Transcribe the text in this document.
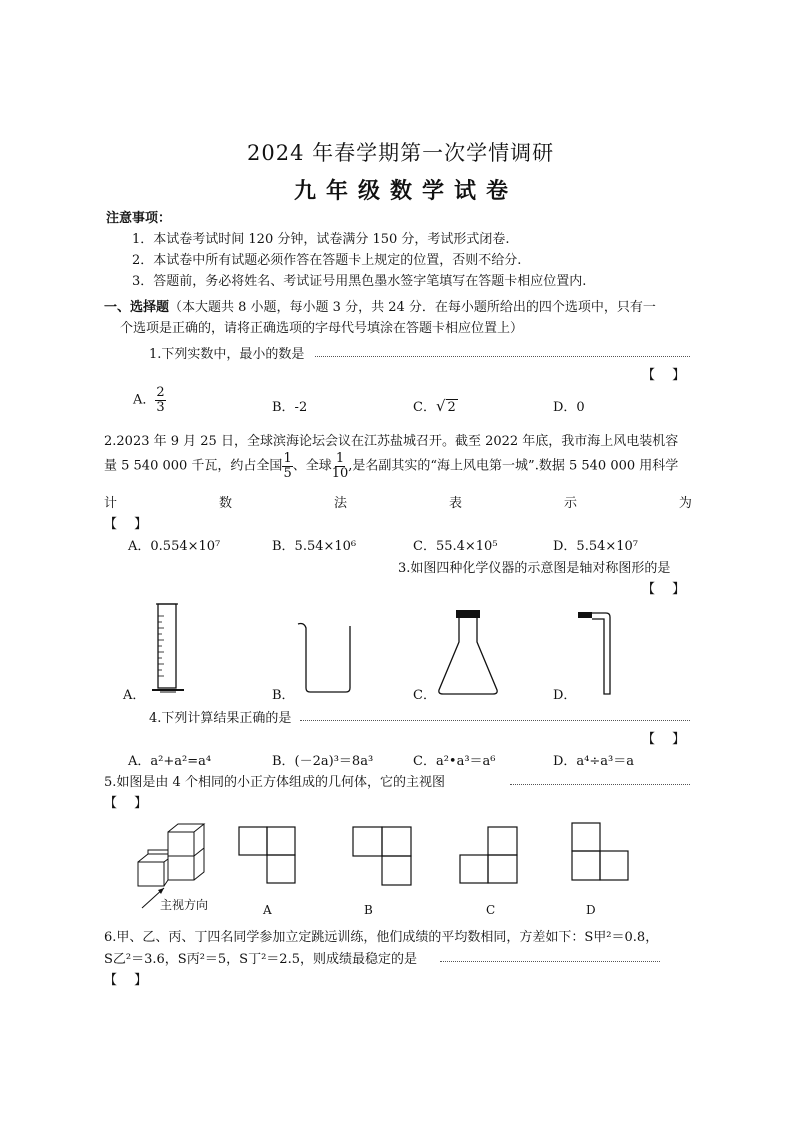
2024 年春学期第一次学情调研
九年级数学试卷
注意事项：
1．本试卷考试时间 120 分钟，试卷满分 150 分，考试形式闭卷.
2．本试卷中所有试题必须作答在答题卡上规定的位置，否则不给分.
3．答题前，务必将姓名、考试证号用黑色墨水签字笔填写在答题卡相应位置内.
一、选择题（本大题共 8 小题，每小题 3 分，共 24 分．在每小题所给出的四个选项中，只有一
个选项是正确的，请将正确选项的字母代号填涂在答题卡相应位置上）
1.下列实数中，最小的数是
【　 】
A． $\frac{2}{3}$	B．-2	C．√ 2	D．0
2.2023 年 9 月 25 日，全球滨海论坛会议在江苏盐城召开。截至 2022 年底，我市海上风电装机容
量 5 540 000 千瓦，约占全国 $\frac{1}{5}$ 、全球 $\frac{1}{10}$ ,是名副其实的“海上风电第一城”.数据 5 540 000 用科学
计	数	法	表	示	为
【　 】
A．0.554×10⁷	B．5.54×10⁶	C．55.4×10⁵	D．5.54×10⁷
3.如图四种化学仪器的示意图是轴对称图形的是
【　 】
A．	B．	C．	D．
4.下列计算结果正确的是
【　 】
A．a²+a²=a⁴	B．(－2a)³＝8a³	C．a²•a³＝a⁶	D．a⁴÷a³＝a
5.如图是由 4 个相同的小正方体组成的几何体，它的主视图
【　 】
主视方向	A	B	C	D
6.甲、乙、丙、丁四名同学参加立定跳远训练，他们成绩的平均数相同，方差如下：S甲²＝0.8，
S乙²＝3.6，S丙²＝5，S丁²＝2.5，则成绩最稳定的是
【　 】
